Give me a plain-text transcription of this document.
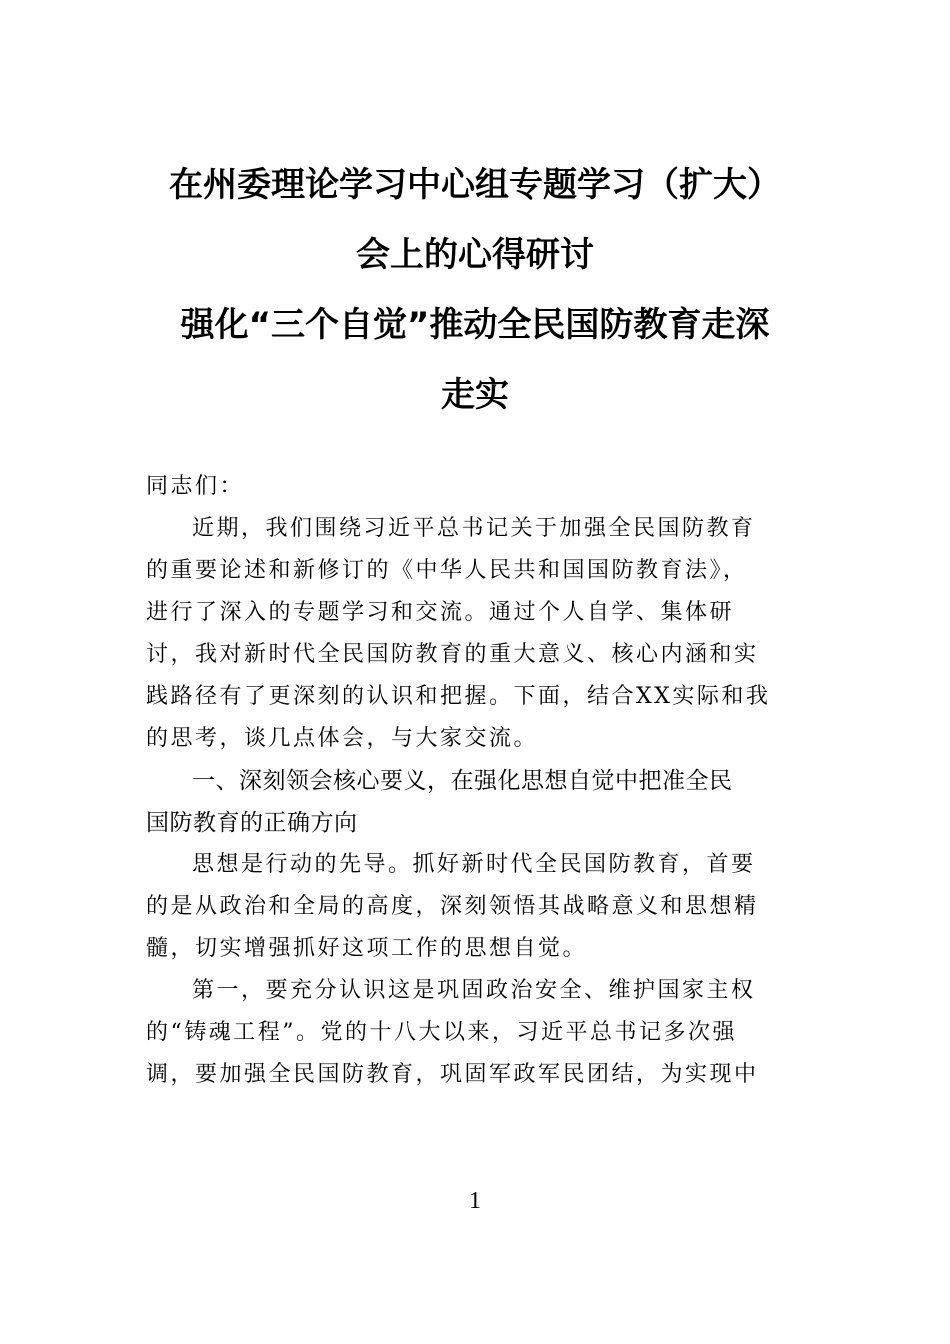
在州委理论学习中心组专题学习（扩大）
会上的心得研讨
强化“三个自觉”推动全民国防教育走深
走实
同志们：
近期，我们围绕习近平总书记关于加强全民国防教育
的重要论述和新修订的《中华人民共和国国防教育法》，
进行了深入的专题学习和交流。通过个人自学、集体研
讨，我对新时代全民国防教育的重大意义、核心内涵和实
践路径有了更深刻的认识和把握。下面，结合XX实际和我
的思考，谈几点体会，与大家交流。
一、深刻领会核心要义，在强化思想自觉中把准全民
国防教育的正确方向
思想是行动的先导。抓好新时代全民国防教育，首要
的是从政治和全局的高度，深刻领悟其战略意义和思想精
髓，切实增强抓好这项工作的思想自觉。
第一，要充分认识这是巩固政治安全、维护国家主权
的“铸魂工程”。党的十八大以来，习近平总书记多次强
调，要加强全民国防教育，巩固军政军民团结，为实现中
1
